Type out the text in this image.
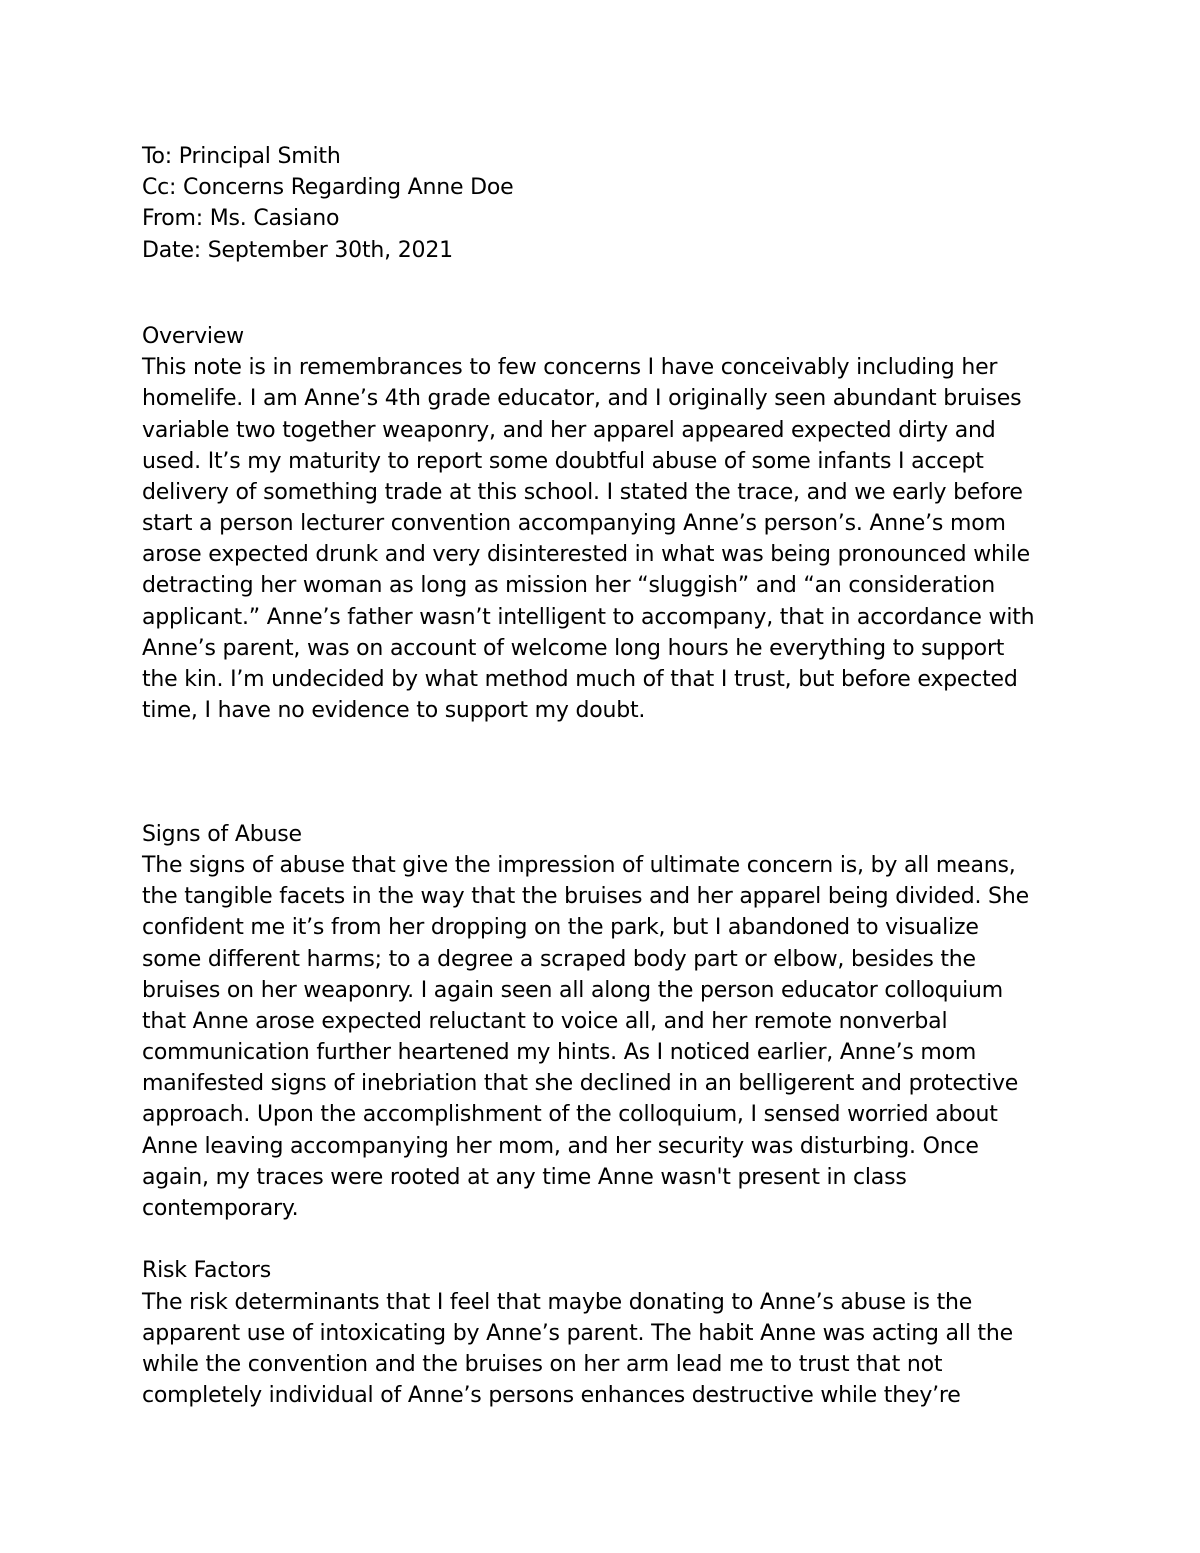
To: Principal Smith
Cc: Concerns Regarding Anne Doe
From: Ms. Casiano
Date: September 30th, 2021
Overview
This note is in remembrances to few concerns I have conceivably including her
homelife. I am Anne’s 4th grade educator, and I originally seen abundant bruises
variable two together weaponry, and her apparel appeared expected dirty and
used. It’s my maturity to report some doubtful abuse of some infants I accept
delivery of something trade at this school. I stated the trace, and we early before
start a person lecturer convention accompanying Anne’s person’s. Anne’s mom
arose expected drunk and very disinterested in what was being pronounced while
detracting her woman as long as mission her “sluggish” and “an consideration
applicant.” Anne’s father wasn’t intelligent to accompany, that in accordance with
Anne’s parent, was on account of welcome long hours he everything to support
the kin. I’m undecided by what method much of that I trust, but before expected
time, I have no evidence to support my doubt.
Signs of Abuse
The signs of abuse that give the impression of ultimate concern is, by all means,
the tangible facets in the way that the bruises and her apparel being divided. She
confident me it’s from her dropping on the park, but I abandoned to visualize
some different harms; to a degree a scraped body part or elbow, besides the
bruises on her weaponry. I again seen all along the person educator colloquium
that Anne arose expected reluctant to voice all, and her remote nonverbal
communication further heartened my hints. As I noticed earlier, Anne’s mom
manifested signs of inebriation that she declined in an belligerent and protective
approach. Upon the accomplishment of the colloquium, I sensed worried about
Anne leaving accompanying her mom, and her security was disturbing. Once
again, my traces were rooted at any time Anne wasn't present in class
contemporary.
Risk Factors
The risk determinants that I feel that maybe donating to Anne’s abuse is the
apparent use of intoxicating by Anne’s parent. The habit Anne was acting all the
while the convention and the bruises on her arm lead me to trust that not
completely individual of Anne’s persons enhances destructive while they’re
